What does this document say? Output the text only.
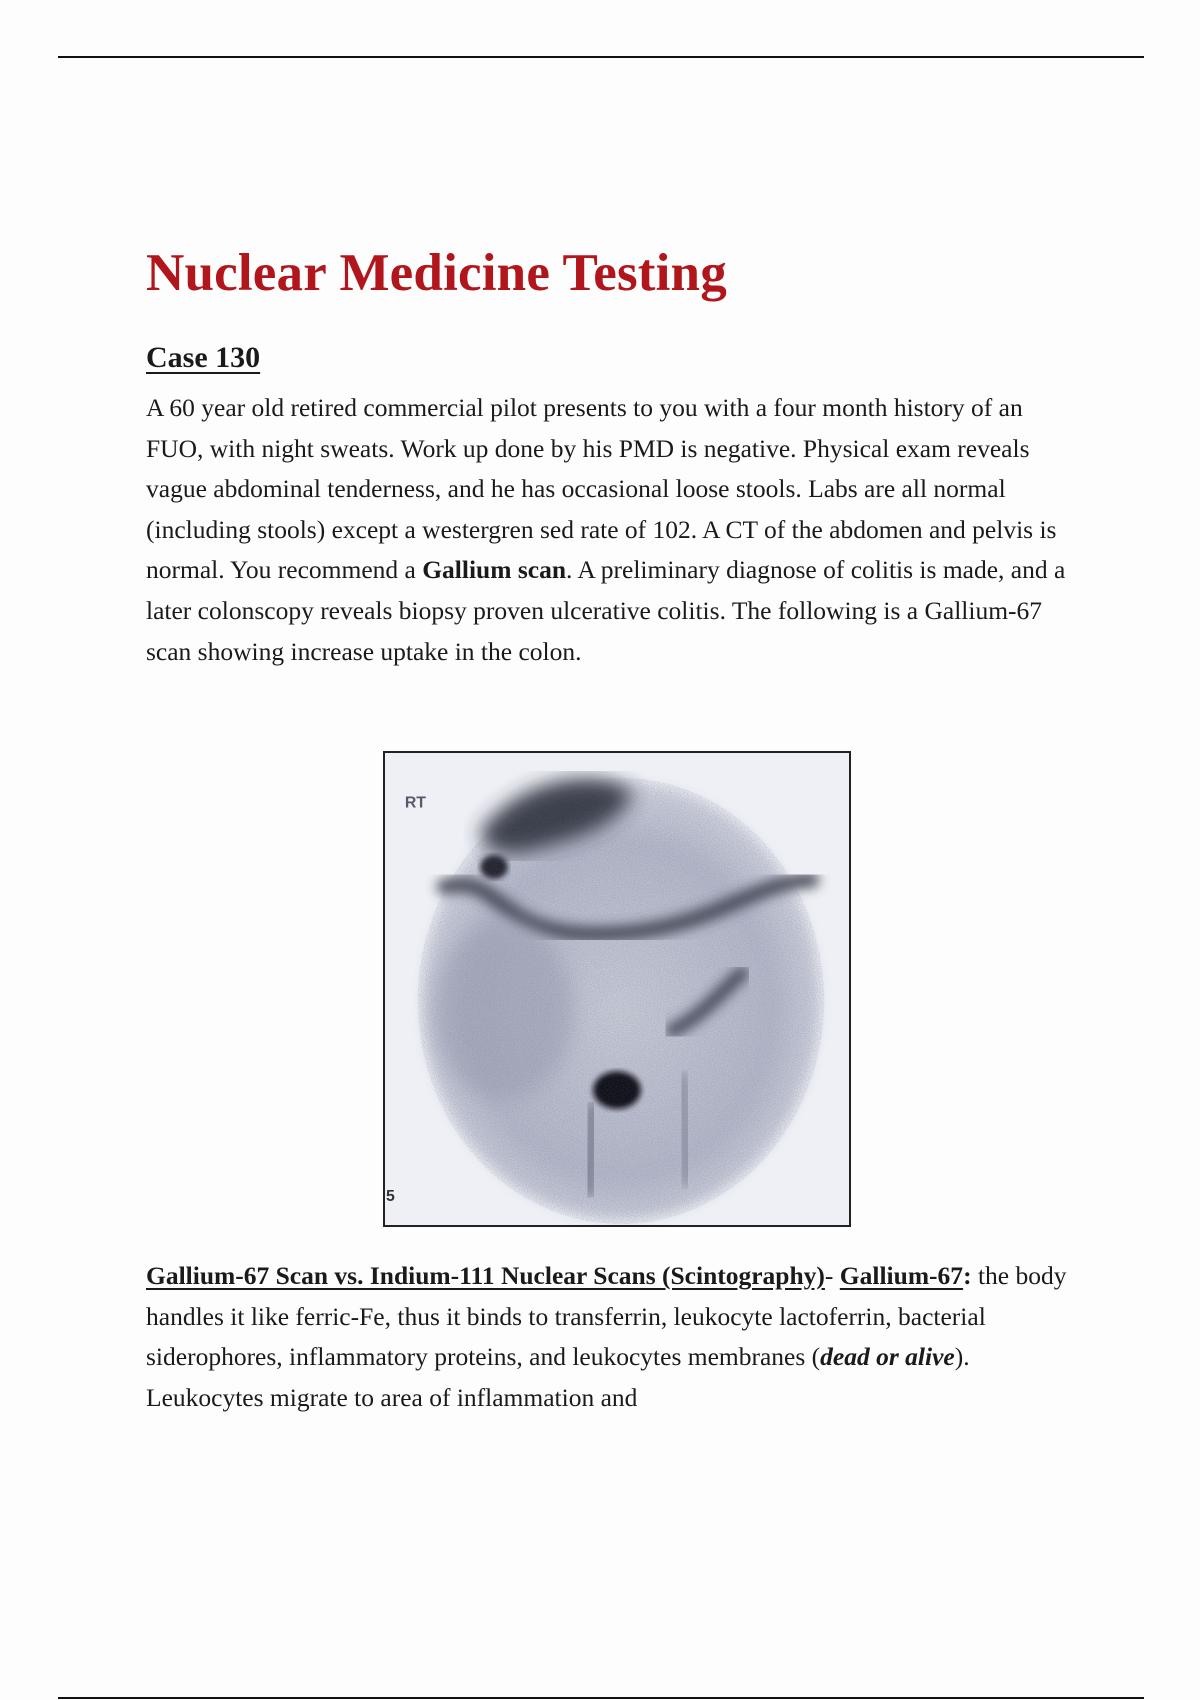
Nuclear Medicine Testing
Case 130

A 60 year old retired commercial pilot presents to you with a four month history of an FUO, with night sweats. Work up done by his PMD is negative. Physical exam reveals vague abdominal tenderness, and he has occasional loose stools. Labs are all normal (including stools) except a westergren sed rate of 102. A CT of the abdomen and pelvis is normal. You recommend a Gallium scan. A preliminary diagnose of colitis is made, and a later colonscopy reveals biopsy proven ulcerative colitis. The following is a Gallium-67 scan showing increase uptake in the colon.

RT
5

Gallium-67 Scan vs. Indium-111 Nuclear Scans (Scintography)- Gallium-67: the body handles it like ferric-Fe, thus it binds to transferrin, leukocyte lactoferrin, bacterial siderophores, inflammatory proteins, and leukocytes membranes (dead or alive). Leukocytes migrate to area of inflammation and
